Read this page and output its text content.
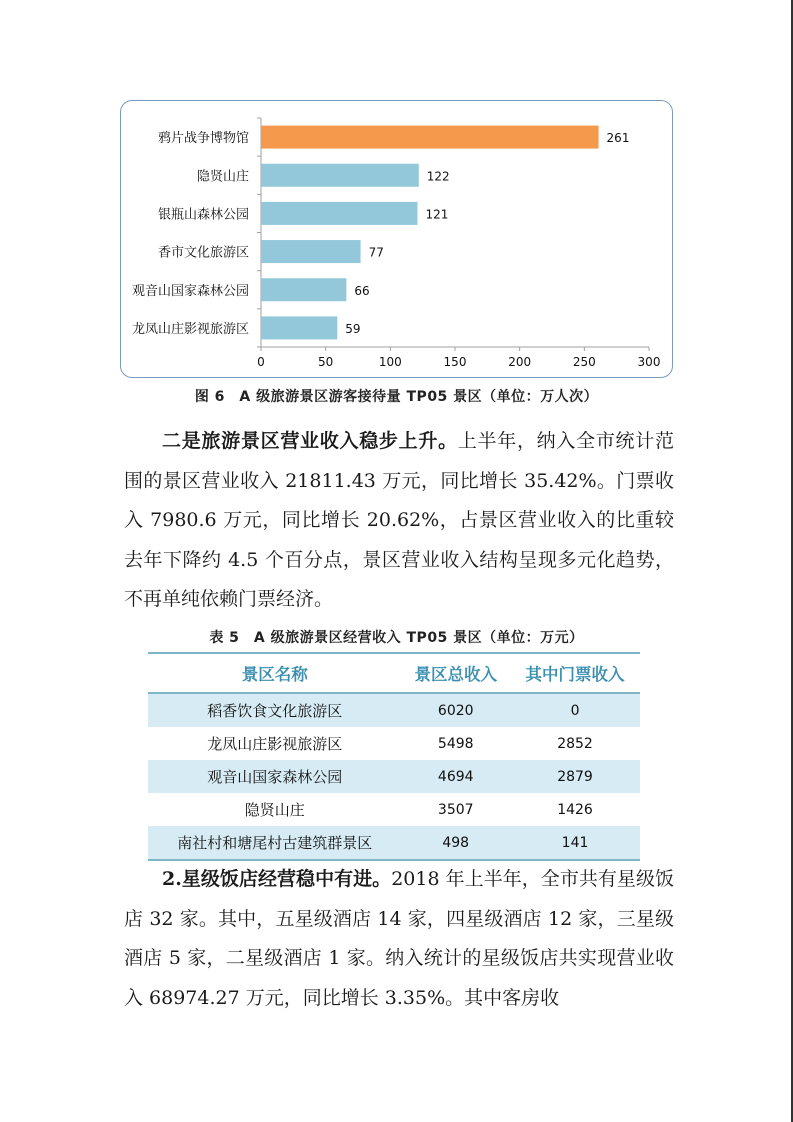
261
鸦片战争博物馆
122
隐贤山庄
121
银瓶山森林公园
77
香市文化旅游区
66
观音山国家森林公园
59
龙凤山庄影视旅游区
0	50	100	150	200	250	300
图 6　A 级旅游景区游客接待量 TP05 景区（单位：万人次）

二是旅游景区营业收入稳步上升。上半年，纳入全市统计范围的景区营业收入 21811.43 万元，同比增长 35.42%。门票收入 7980.6 万元，同比增长 20.62%，占景区营业收入的比重较去年下降约 4.5 个百分点，景区营业收入结构呈现多元化趋势，不再单纯依赖门票经济。

表 5　A 级旅游景区经营收入 TP05 景区（单位：万元）
景区名称	景区总收入	其中门票收入
稻香饮食文化旅游区	6020	0
龙凤山庄影视旅游区	5498	2852
观音山国家森林公园	4694	2879
隐贤山庄	3507	1426
南社村和塘尾村古建筑群景区	498	141

2.星级饭店经营稳中有进。2018 年上半年，全市共有星级饭店 32 家。其中，五星级酒店 14 家，四星级酒店 12 家，三星级酒店 5 家，二星级酒店 1 家。纳入统计的星级饭店共实现营业收入 68974.27 万元，同比增长 3.35%。其中客房收
